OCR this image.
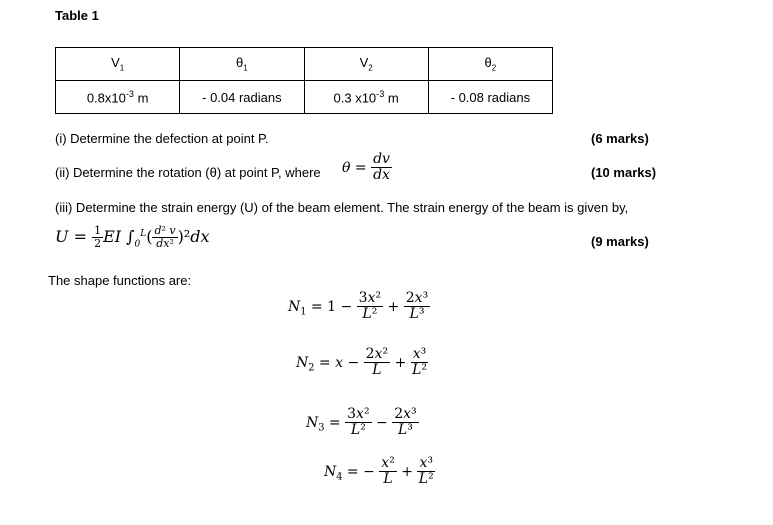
Table 1
$V_1$	$\theta_1$	$V_2$	$\theta_2$
$0.8x10^{-3}$ m	- 0.04 radians	0.3 $x10^{-3}$ m	- 0.08 radians
(i) Determine the defection at point P.	(6 marks)
(ii) Determine the rotation (θ) at point P, where $\theta = \frac{dv}{dx}$	(10 marks)
(iii) Determine the strain energy (U) of the beam element. The strain energy of the beam is given by,
$U = \frac{1}{2}$ EI $\int_0^L( \frac{\text{d² v}}{\text{dx²}} )^2dx$	(9 marks)
The shape functions are:
$N_1 = 1 - \frac{\text{3x²}}{\text{L²}} + \frac{\text{2x³}}{\text{L³}}$
$N_2 = x - \frac{\text{2x²}}{L} + \frac{\text{x³}}{\text{L²}}$
$N_3 = \frac{\text{3x²}}{\text{L²}} - \frac{\text{2x³}}{\text{L³}}$
$N_4$ = − $\frac{\text{x²}}{L} + \frac{\text{x³}}{\text{L²}}$
